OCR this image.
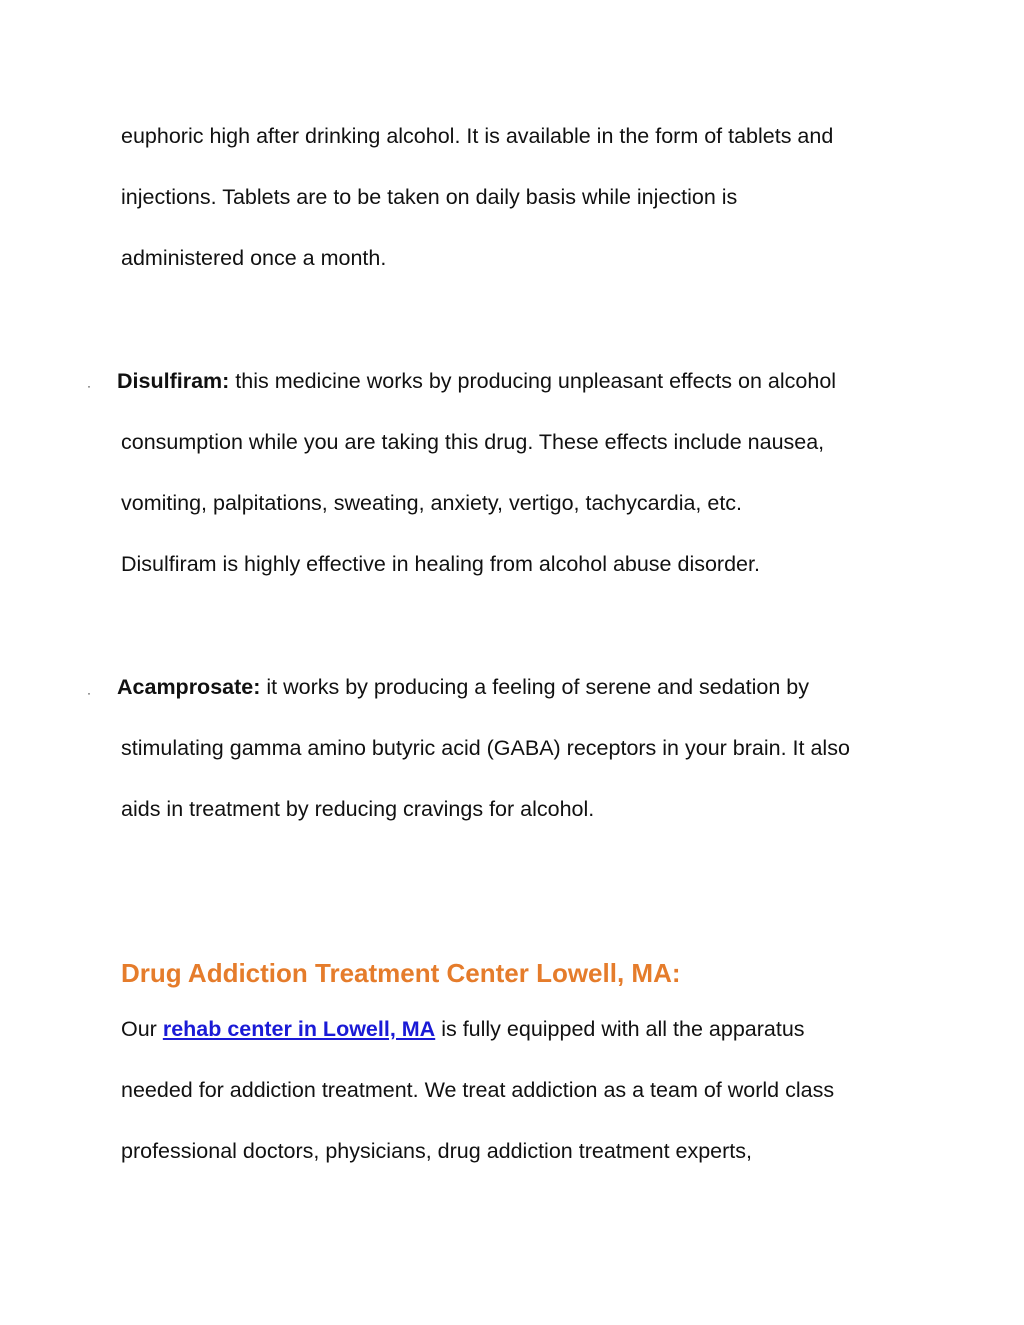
euphoric high after drinking alcohol. It is available in the form of tablets and
injections. Tablets are to be taken on daily basis while injection is
administered once a month.
· Disulfiram: this medicine works by producing unpleasant effects on alcohol
consumption while you are taking this drug. These effects include nausea,
vomiting, palpitations, sweating, anxiety, vertigo, tachycardia, etc.
Disulfiram is highly effective in healing from alcohol abuse disorder.
· Acamprosate: it works by producing a feeling of serene and sedation by
stimulating gamma amino butyric acid (GABA) receptors in your brain. It also
aids in treatment by reducing cravings for alcohol.
Drug Addiction Treatment Center Lowell, MA:
Our rehab center in Lowell, MA is fully equipped with all the apparatus
needed for addiction treatment. We treat addiction as a team of world class
professional doctors, physicians, drug addiction treatment experts,
